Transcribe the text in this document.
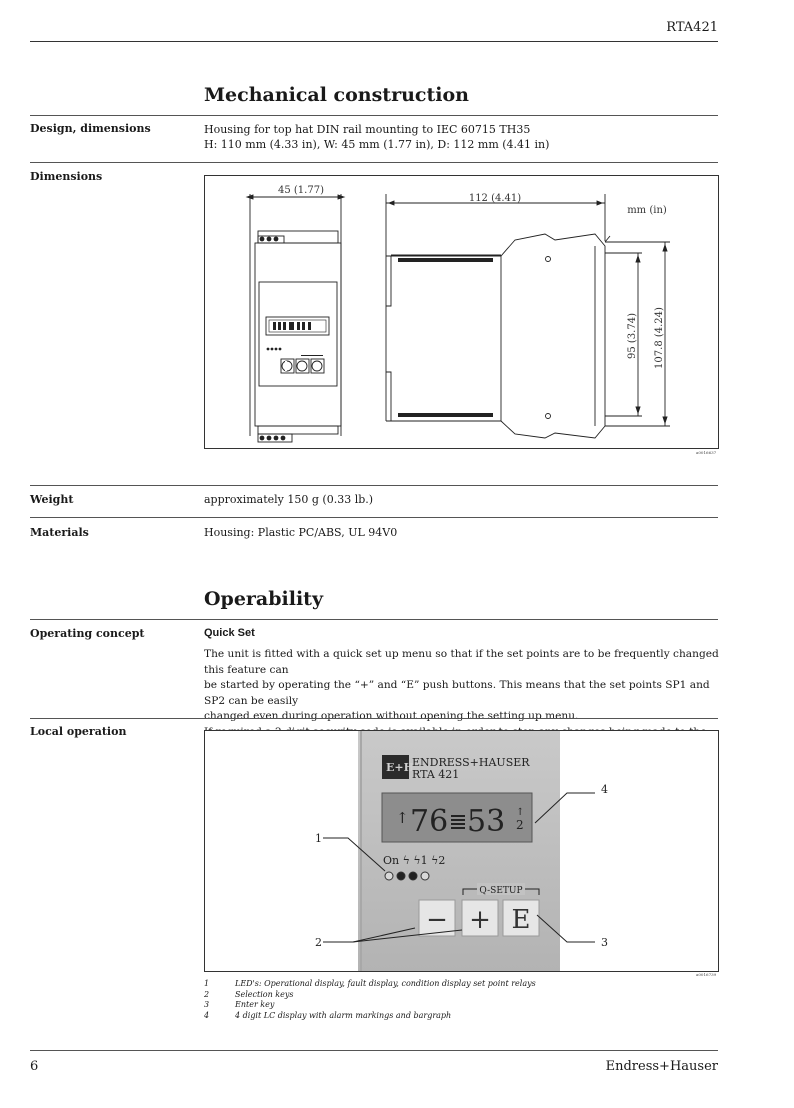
RTA421
Mechanical construction
Design, dimensions	Housing for top hat DIN rail mounting to IEC 60715 TH35
H: 110 mm (4.33 in), W: 45 mm (1.77 in), D: 112 mm (4.41 in)
Dimensions
45 (1.77)
112 (4.41)
mm (in)
95 (3.74) 107.8 (4.24)
a0016637
Weight	approximately 150 g (0.33 lb.)
Materials	Housing: Plastic PC/ABS, UL 94V0
Operability
Operating concept	Quick Set
The unit is fitted with a quick set up menu so that if the set points are to be frequently changed this feature can
be started by operating the “+” and “E” push buttons. This means that the set points SP1 and SP2 can be easily
changed even during operation without opening the setting up menu.
Local operation
E+H
ENDRESS+HAUSER
RTA 421
↑ 76 53 ↑
2
On ϟ ϟ1 ϟ2
Q-SETUP
− + E
1
2	3
4
a0016739
1	LED's: Operational display, fault display, condition display set point relays
2	Selection keys
3	Enter key
4	4 digit LC display with alarm markings and bargraph
6	Endress+Hauser
